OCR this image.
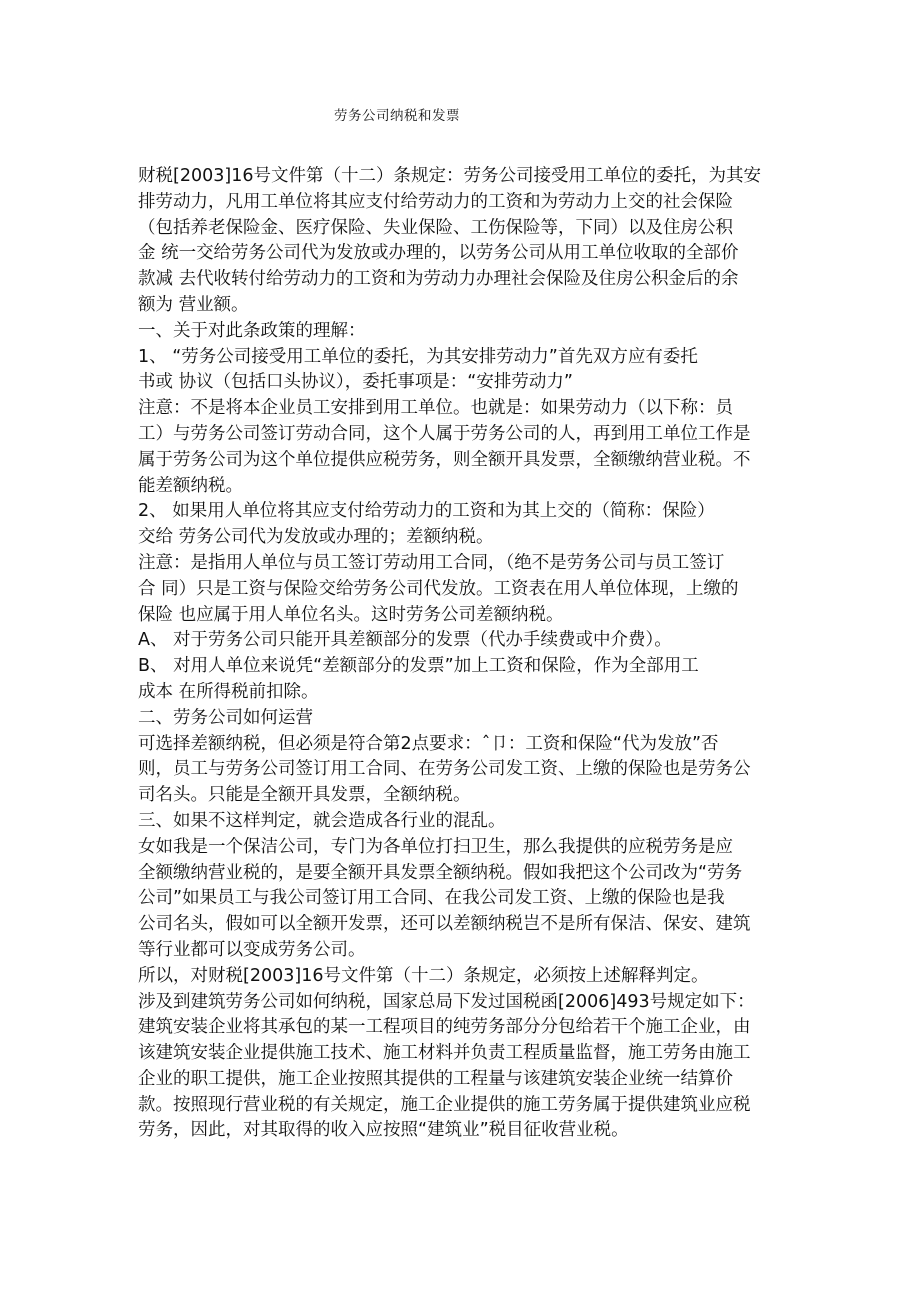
劳务公司纳税和发票
财税[2003]16号文件第（十二）条规定：劳务公司接受用工单位的委托，为其安
排劳动力，凡用工单位将其应支付给劳动力的工资和为劳动力上交的社会保险
（包括养老保险金、医疗保险、失业保险、工伤保险等，下同）以及住房公积
金 统一交给劳务公司代为发放或办理的，以劳务公司从用工单位收取的全部价
款减 去代收转付给劳动力的工资和为劳动力办理社会保险及住房公积金后的余
额为 营业额。
一、关于对此条政策的理解：
1、 “劳务公司接受用工单位的委托，为其安排劳动力”首先双方应有委托
书或 协议（包括口头协议），委托事项是：“安排劳动力”
注意：不是将本企业员工安排到用工单位。也就是：如果劳动力（以下称：员
工）与劳务公司签订劳动合同，这个人属于劳务公司的人，再到用工单位工作是
属于劳务公司为这个单位提供应税劳务，则全额开具发票，全额缴纳营业税。不
能差额纳税。
2、 如果用人单位将其应支付给劳动力的工资和为其上交的（简称：保险）
交给 劳务公司代为发放或办理的；差额纳税。
注意：是指用人单位与员工签订劳动用工合同，（绝不是劳务公司与员工签订
合 同）只是工资与保险交给劳务公司代发放。工资表在用人单位体现，上缴的
保险 也应属于用人单位名头。这时劳务公司差额纳税。
A、 对于劳务公司只能开具差额部分的发票（代办手续费或中介费）。
B、 对用人单位来说凭“差额部分的发票”加上工资和保险，作为全部用工
成本 在所得税前扣除。
二、劳务公司如何运营
可选择差额纳税，但必须是符合第2点要求：ˆ卩：工资和保险“代为发放”否
则，员工与劳务公司签订用工合同、在劳务公司发工资、上缴的保险也是劳务公
司名头。只能是全额开具发票，全额纳税。
三、如果不这样判定，就会造成各行业的混乱。
女如我是一个保洁公司，专门为各单位打扫卫生，那么我提供的应税劳务是应
全额缴纳营业税的，是要全额开具发票全额纳税。假如我把这个公司改为“劳务
公司”如果员工与我公司签订用工合同、在我公司发工资、上缴的保险也是我
公司名头，假如可以全额开发票，还可以差额纳税岂不是所有保洁、保安、建筑
等行业都可以变成劳务公司。
所以，对财税[2003]16号文件第（十二）条规定，必须按上述解释判定。
涉及到建筑劳务公司如何纳税，国家总局下发过国税函[2006]493号规定如下：
建筑安装企业将其承包的某一工程项目的纯劳务部分分包给若干个施工企业，由
该建筑安装企业提供施工技术、施工材料并负责工程质量监督，施工劳务由施工
企业的职工提供，施工企业按照其提供的工程量与该建筑安装企业统一结算价
款。按照现行营业税的有关规定，施工企业提供的施工劳务属于提供建筑业应税
劳务，因此，对其取得的收入应按照“建筑业”税目征收营业税。
